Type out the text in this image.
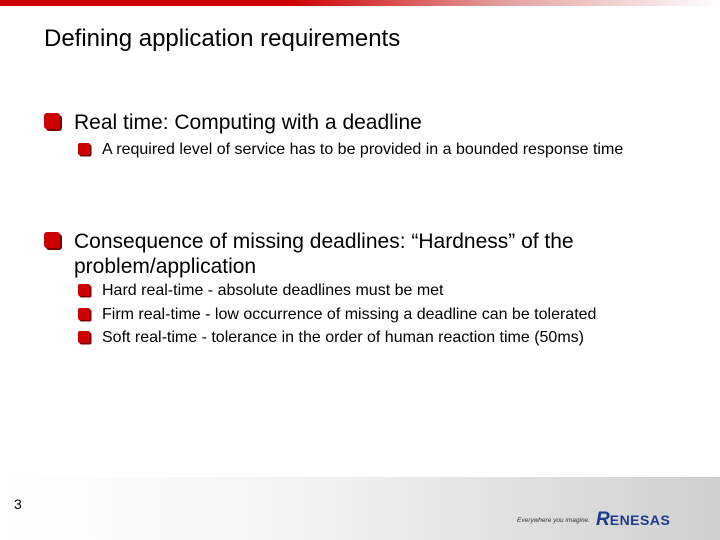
Defining application requirements
Real time: Computing with a deadline
A required level of service has to be provided in a bounded response time
Consequence of missing deadlines: “Hardness” of the problem/application
Hard real-time - absolute deadlines must be met
Firm real-time - low occurrence of missing a deadline can be tolerated
Soft real-time - tolerance in the order of human reaction time (50ms)
3
Everywhere you imagine. R ENESAS
